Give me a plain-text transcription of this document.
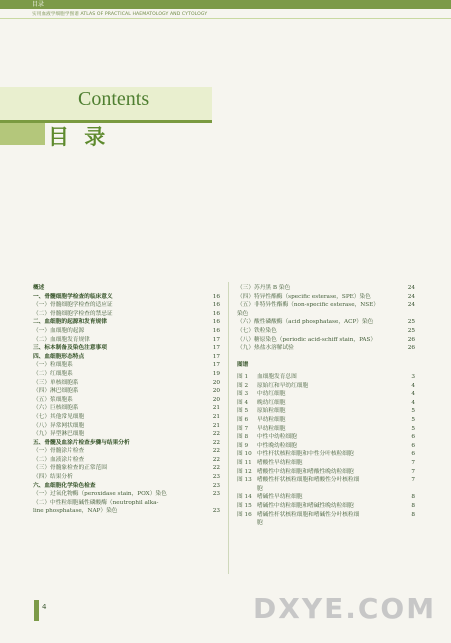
目录
实用血液学细胞学图谱 ATLAS OF PRACTICAL HAEMATOLOGY AND CYTOLOGY
Contents
目 录
概述
一、骨髓细胞学检查的临床意义	16
（一）骨髓细胞学检查的适应证	16
（二）骨髓细胞学检查的禁忌证	16
二、血细胞的起源和发育规律	16
（一）血细胞的起源	16
（二）血细胞发育规律	17
三、标本制备及染色注意事项	17
四、血细胞形态特点	17
（一）粒细胞系	17
（二）红细胞系	19
（三）单核细胞系	20
（四）淋巴细胞系	20
（五）浆细胞系	20
（六）巨核细胞系	21
（七）其他常见细胞	21
（八）异常网状细胞	21
（九）异型淋巴细胞	22
五、骨髓及血涂片检查步骤与结果分析	22
（一）骨髓涂片检查	22
（二）血液涂片检查	22
（三）骨髓象检查的正常范围	22
（四）结果分析	23
六、血细胞化学染色检查	23
（一）过氧化物酶（peroxidase stain，POX）染色	23
（二）中性粒细胞碱性磷酸酶（neutrophil alka-
line phosphatase，NAP）染色	23
（三）苏丹黑 B 染色	24
（四）特异性酯酶（specific esterase，SPE）染色	24
（五）非特异性酯酶（non-specific esterase，NSE）	24
染色
（六）酸性磷酸酶（acid phosphatase，ACP）染色	25
（七）铁粒染色	25
（八）糖原染色（periodic acid-schiff stain，PAS）	26
（九）热盐水溶解试验	26
图谱
图 1 血细胞发育总图	3
图 2 原始红和早幼红细胞	4
图 3 中幼红细胞	4
图 4 晚幼红细胞	4
图 5 原始粒细胞	5
图 6 早幼粒细胞	5
图 7 早幼粒细胞	5
图 8 中性中幼粒细胞	6
图 9 中性晚幼粒细胞	6
图 10 中性杆状核粒细胞和中性分叶核粒细胞	6
图 11 嗜酸性早幼粒细胞	7
图 12 嗜酸性中幼粒细胞和嗜酸性晚幼粒细胞	7
图 13 嗜酸性杆状核粒细胞和嗜酸性分叶核粒细	7
胞
图 14 嗜碱性早幼粒细胞	8
图 15 嗜碱性中幼粒细胞和嗜碱性晚幼粒细胞	8
图 16 嗜碱性杆状核粒细胞和嗜碱性分叶核粒细	8
胞
4	DXYE.COM
